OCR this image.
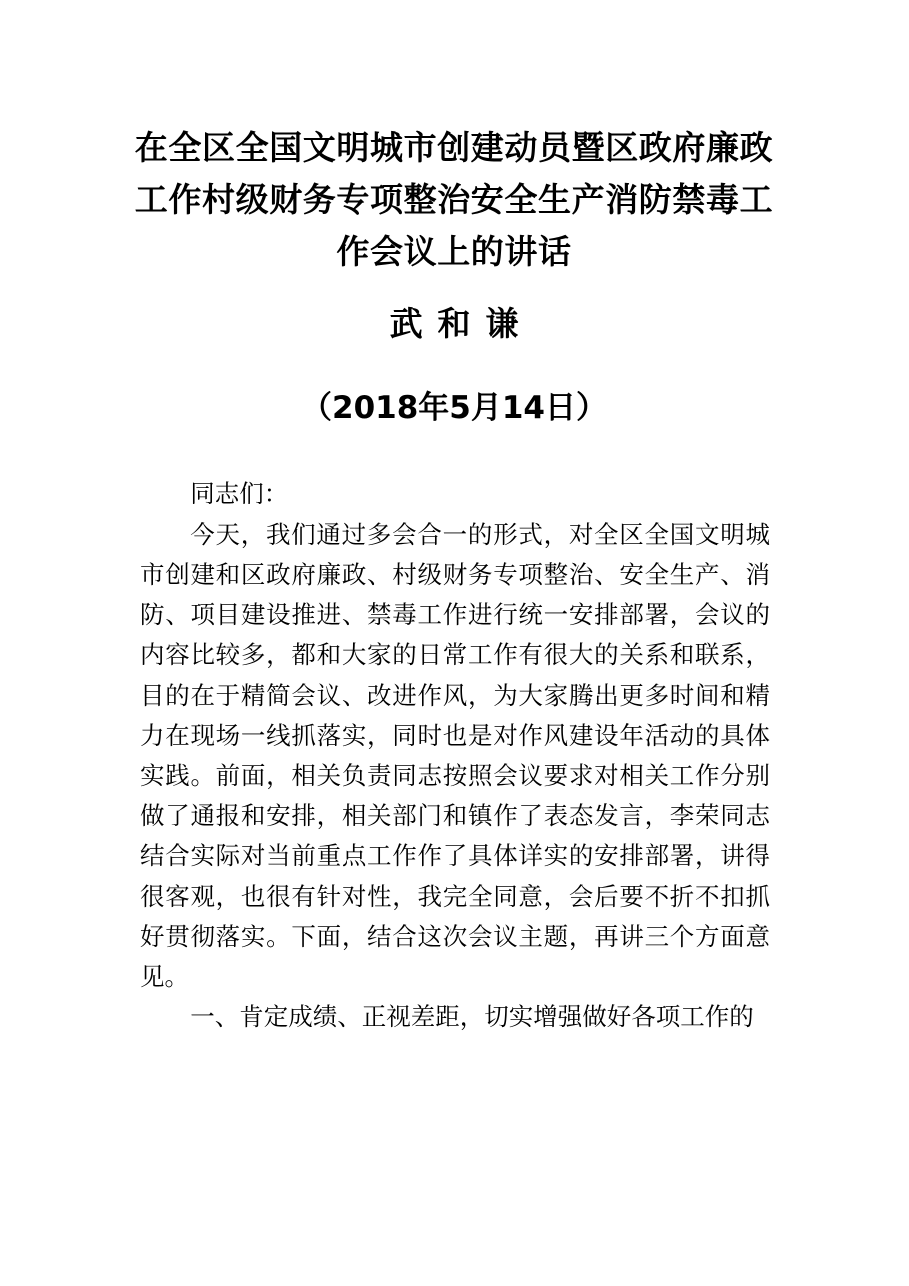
在全区全国文明城市创建动员暨区政府廉政工作村级财务专项整治安全生产消防禁毒工作会议上的讲话
武和谦
（2018年5月14日）

同志们：

今天，我们通过多会合一的形式，对全区全国文明城市创建和区政府廉政、村级财务专项整治、安全生产、消防、项目建设推进、禁毒工作进行统一安排部署，会议的内容比较多，都和大家的日常工作有很大的关系和联系，目的在于精简会议、改进作风，为大家腾出更多时间和精力在现场一线抓落实，同时也是对作风建设年活动的具体实践。前面，相关负责同志按照会议要求对相关工作分别做了通报和安排，相关部门和镇作了表态发言，李荣同志结合实际对当前重点工作作了具体详实的安排部署，讲得很客观，也很有针对性，我完全同意，会后要不折不扣抓好贯彻落实。下面，结合这次会议主题，再讲三个方面意见。

一、肯定成绩、正视差距，切实增强做好各项工作的
